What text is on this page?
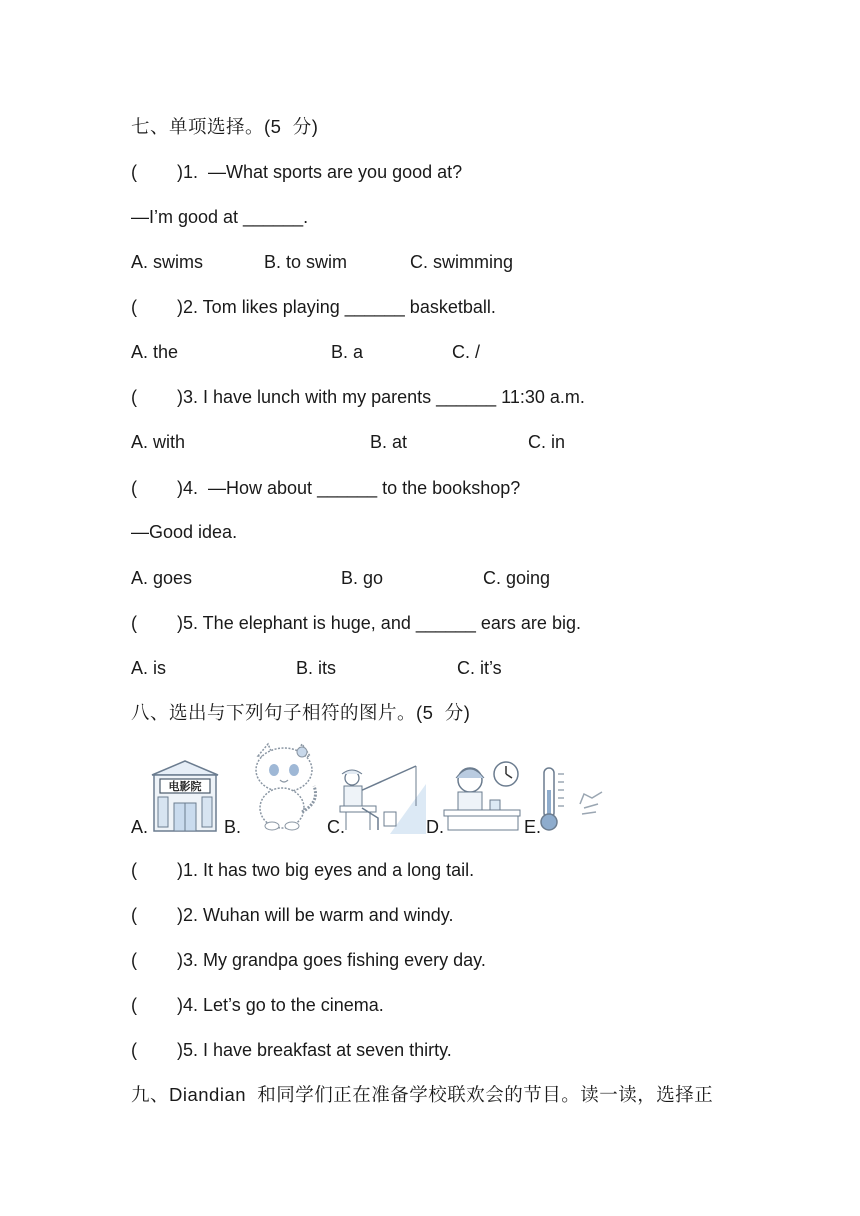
七、单项选择。(5  分)
( )1.  —What sports are you good at?
—I’m good at ______.
A. swims	B. to swim	C. swimming
( )2. Tom likes playing ______ basketball.
A. the	B. a	C. /
( )3. I have lunch with my parents ______ 11:30 a.m.
A. with	B. at	C. in
( )4.  —How about ______ to the bookshop?
—Good idea.
A. goes	B. go	C. going
( )5. The elephant is huge, and ______ ears are big.
A. is	B. its	C. it’s
八、选出与下列句子相符的图片。(5  分)
A.
电影院
B.	C.	D.	E.
( )1. It has two big eyes and a long tail.
( )2. Wuhan will be warm and windy.
( )3. My grandpa goes fishing every day.
( )4. Let’s go to the cinema.
( )5. I have breakfast at seven thirty.
九、Diandian  和同学们正在准备学校联欢会的节目。读一读，选择正
